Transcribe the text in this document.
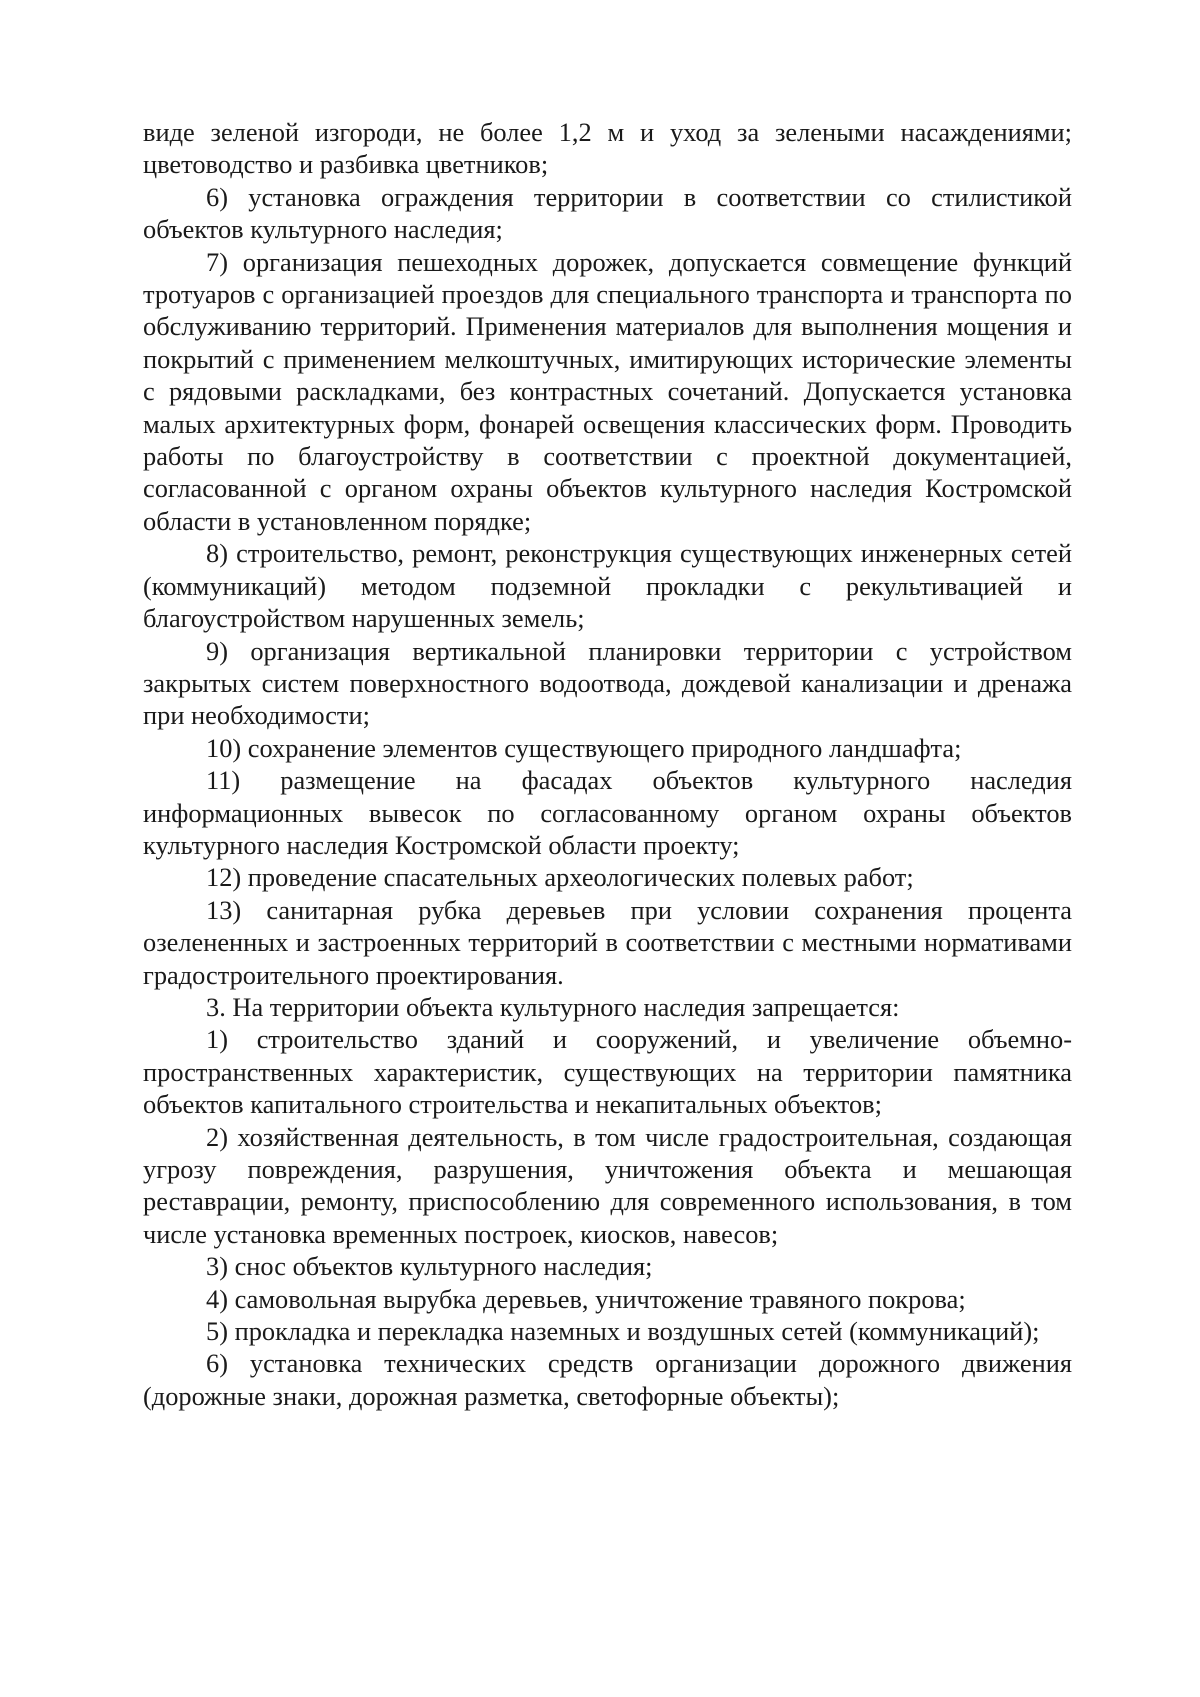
виде зеленой изгороди, не более 1,2 м и уход за зелеными насаждениями; цветоводство и разбивка цветников;

6) установка ограждения территории в соответствии со стилистикой объектов культурного наследия;

7) организация пешеходных дорожек, допускается совмещение функций тротуаров с организацией проездов для специального транспорта и транспорта по обслуживанию территорий. Применения материалов для выполнения мощения и покрытий с применением мелкоштучных, имитирующих исторические элементы с рядовыми раскладками, без контрастных сочетаний. Допускается установка малых архитектурных форм, фонарей освещения классических форм. Проводить работы по благоустройству в соответствии с проектной документацией, согласованной с органом охраны объектов культурного наследия Костромской области в установленном порядке;

8) строительство, ремонт, реконструкция существующих инженерных сетей (коммуникаций) методом подземной прокладки с рекультивацией и благоустройством нарушенных земель;

9) организация вертикальной планировки территории с устройством закрытых систем поверхностного водоотвода, дождевой канализации и дренажа при необходимости;

10) сохранение элементов существующего природного ландшафта;

11) размещение на фасадах объектов культурного наследия информационных вывесок по согласованному органом охраны объектов культурного наследия Костромской области проекту;

12) проведение спасательных археологических полевых работ;

13) санитарная рубка деревьев при условии сохранения процента озелененных и застроенных территорий в соответствии с местными нормативами градостроительного проектирования.

3. На территории объекта культурного наследия запрещается:

1) строительство зданий и сооружений, и увеличение объемно-пространственных характеристик, существующих на территории памятника объектов капитального строительства и некапитальных объектов;

2) хозяйственная деятельность, в том числе градостроительная, создающая угрозу повреждения, разрушения, уничтожения объекта и мешающая реставрации, ремонту, приспособлению для современного использования, в том числе установка временных построек, киосков, навесов;

3) снос объектов культурного наследия;

4) самовольная вырубка деревьев, уничтожение травяного покрова;

5) прокладка и перекладка наземных и воздушных сетей (коммуникаций);

6) установка технических средств организации дорожного движения (дорожные знаки, дорожная разметка, светофорные объекты);
